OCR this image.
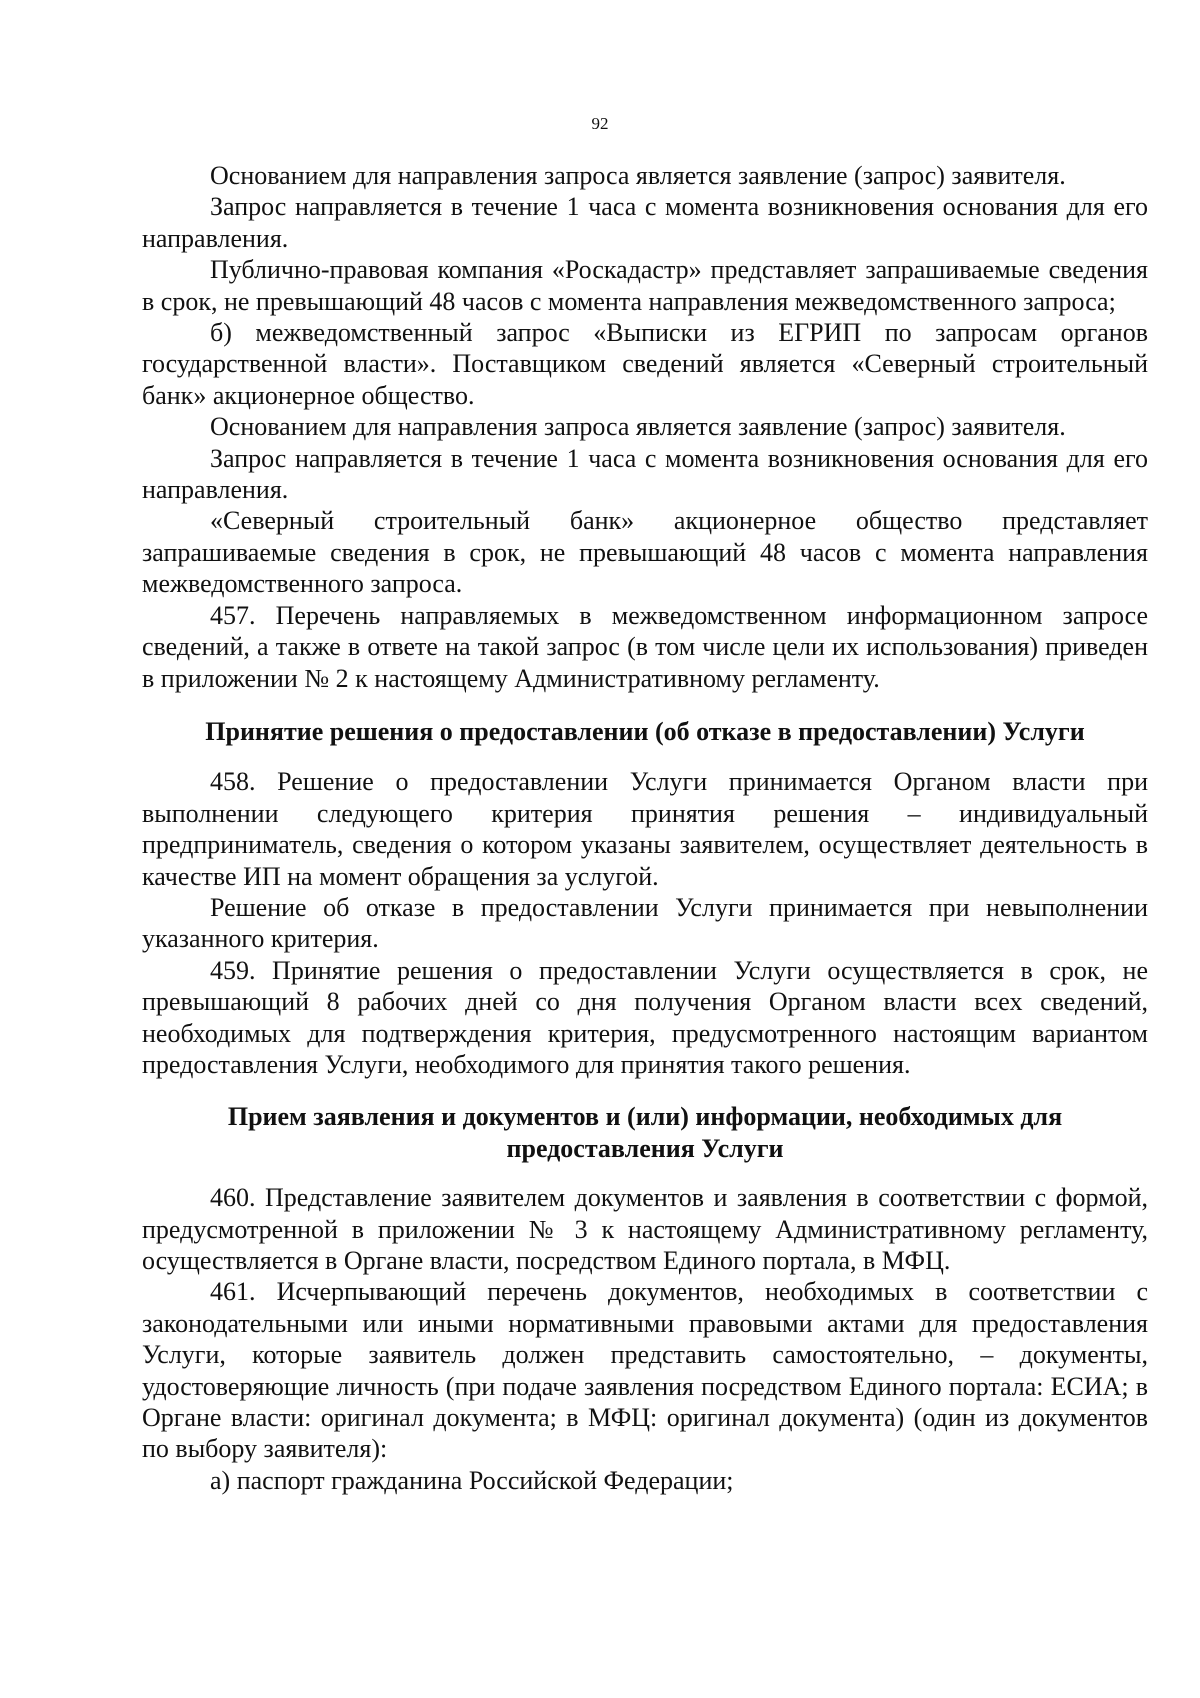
92

Основанием для направления запроса является заявление (запрос) заявителя.

Запрос направляется в течение 1 часа с момента возникновения основания для его направления.

Публично-правовая компания «Роскадастр» представляет запрашиваемые сведения в срок, не превышающий 48 часов с момента направления межведомственного запроса;

б) межведомственный запрос «Выписки из ЕГРИП по запросам органов государственной власти». Поставщиком сведений является «Северный строительный банк» акционерное общество.

Основанием для направления запроса является заявление (запрос) заявителя.

Запрос направляется в течение 1 часа с момента возникновения основания для его направления.

«Северный строительный банк» акционерное общество представляет запрашиваемые сведения в срок, не превышающий 48 часов с момента направления межведомственного запроса.

457. Перечень направляемых в межведомственном информационном запросе сведений, а также в ответе на такой запрос (в том числе цели их использования) приведен в приложении № 2 к настоящему Административному регламенту.

Принятие решения о предоставлении (об отказе в предоставлении) Услуги

458. Решение о предоставлении Услуги принимается Органом власти при выполнении следующего критерия принятия решения – индивидуальный предприниматель, сведения о котором указаны заявителем, осуществляет деятельность в качестве ИП на момент обращения за услугой.

Решение об отказе в предоставлении Услуги принимается при невыполнении указанного критерия.

459. Принятие решения о предоставлении Услуги осуществляется в срок, не превышающий 8 рабочих дней со дня получения Органом власти всех сведений, необходимых для подтверждения критерия, предусмотренного настоящим вариантом предоставления Услуги, необходимого для принятия такого решения.

Прием заявления и документов и (или) информации, необходимых для предоставления Услуги

460. Представление заявителем документов и заявления в соответствии с формой, предусмотренной в приложении № 3 к настоящему Административному регламенту, осуществляется в Органе власти, посредством Единого портала, в МФЦ.

461. Исчерпывающий перечень документов, необходимых в соответствии с законодательными или иными нормативными правовыми актами для предоставления Услуги, которые заявитель должен представить самостоятельно, – документы, удостоверяющие личность (при подаче заявления посредством Единого портала: ЕСИА; в Органе власти: оригинал документа; в МФЦ: оригинал документа) (один из документов по выбору заявителя):

а) паспорт гражданина Российской Федерации;
